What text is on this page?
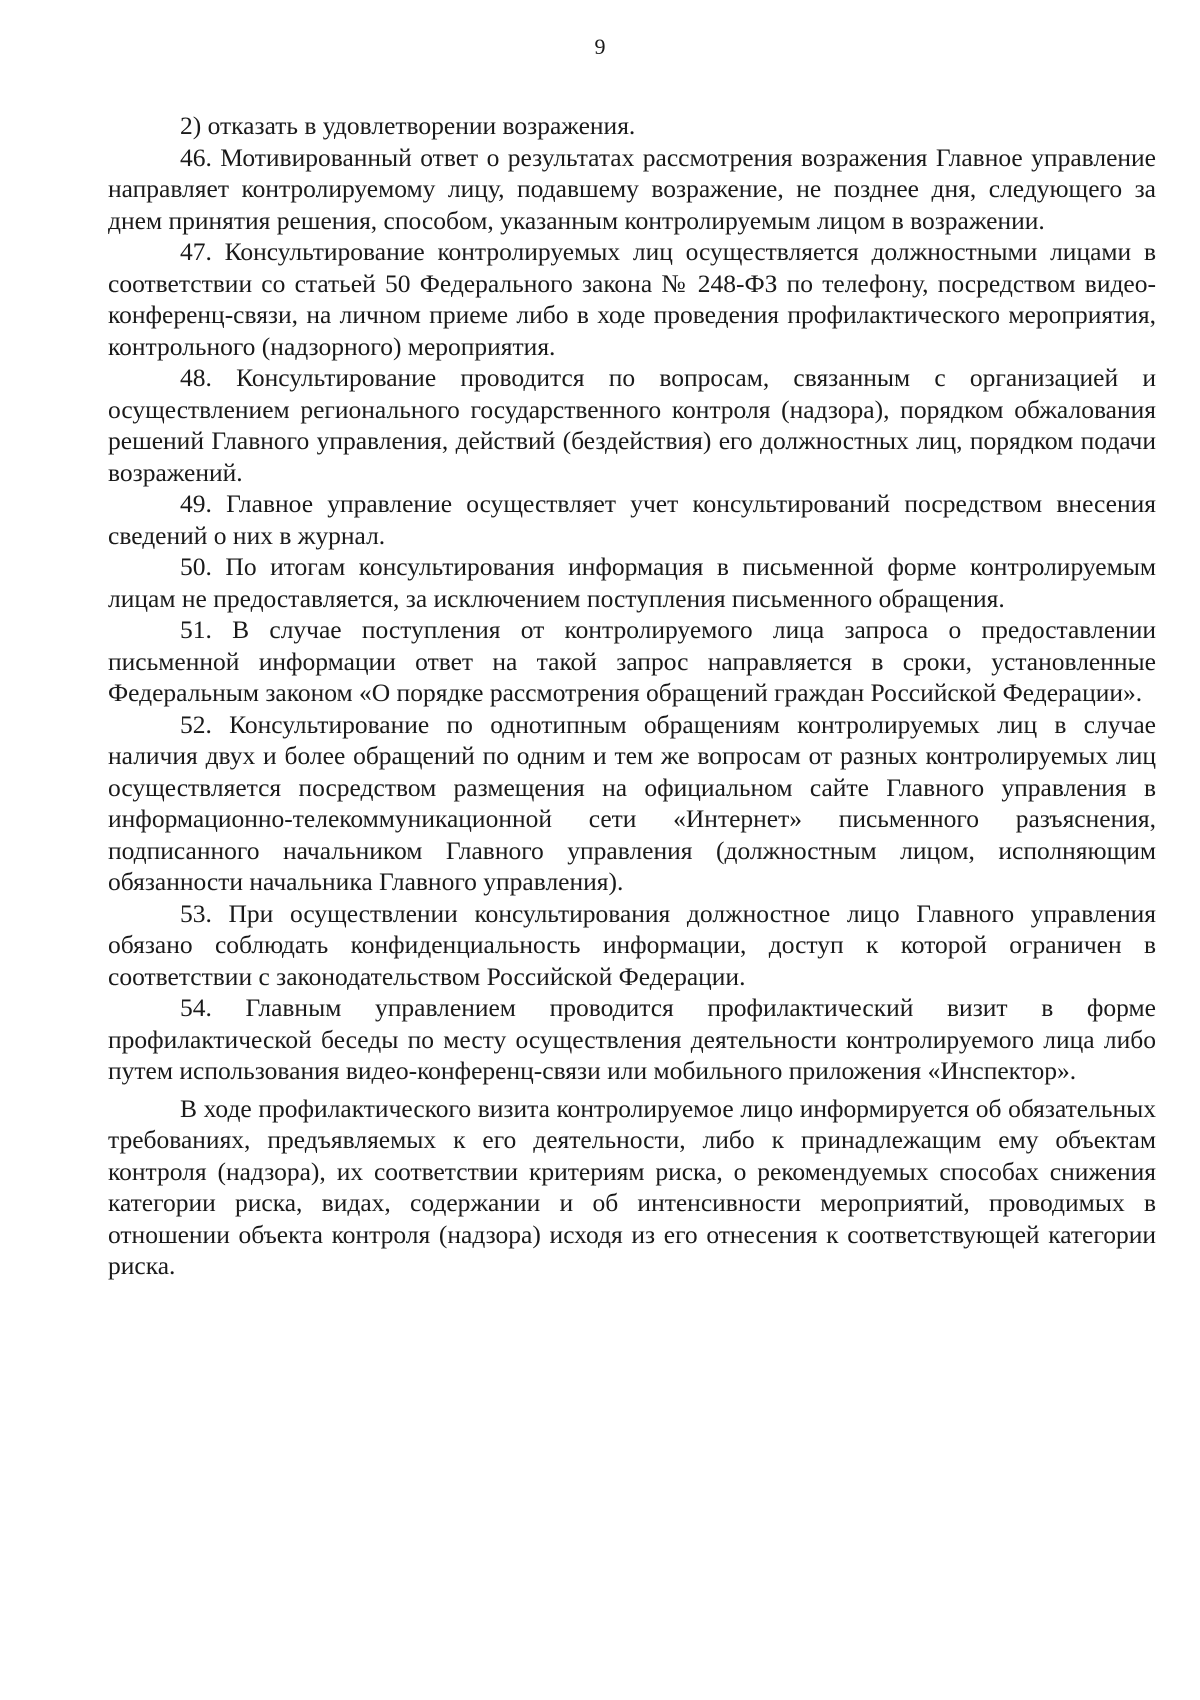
9

2) отказать в удовлетворении возражения.

46. Мотивированный ответ о результатах рассмотрения возражения Главное управление направляет контролируемому лицу, подавшему возражение, не позднее дня, следующего за днем принятия решения, способом, указанным контролируемым лицом в возражении.

47. Консультирование контролируемых лиц осуществляется должностными лицами в соответствии со статьей 50 Федерального закона № 248-ФЗ по телефону, посредством видео-конференц-связи, на личном приеме либо в ходе проведения профилактического мероприятия, контрольного (надзорного) мероприятия.

48. Консультирование проводится по вопросам, связанным с организацией и осуществлением регионального государственного контроля (надзора), порядком обжалования решений Главного управления, действий (бездействия) его должностных лиц, порядком подачи возражений.

49. Главное управление осуществляет учет консультирований посредством внесения сведений о них в журнал.

50. По итогам консультирования информация в письменной форме контролируемым лицам не предоставляется, за исключением поступления письменного обращения.

51. В случае поступления от контролируемого лица запроса о предоставлении письменной информации ответ на такой запрос направляется в сроки, установленные Федеральным законом «О порядке рассмотрения обращений граждан Российской Федерации».

52. Консультирование по однотипным обращениям контролируемых лиц в случае наличия двух и более обращений по одним и тем же вопросам от разных контролируемых лиц осуществляется посредством размещения на официальном сайте Главного управления в информационно-телекоммуникационной сети «Интернет» письменного разъяснения, подписанного начальником Главного управления (должностным лицом, исполняющим обязанности начальника Главного управления).

53. При осуществлении консультирования должностное лицо Главного управления обязано соблюдать конфиденциальность информации, доступ к которой ограничен в соответствии с законодательством Российской Федерации.

54. Главным управлением проводится профилактический визит в форме профилактической беседы по месту осуществления деятельности контролируемого лица либо путем использования видео-конференц-связи или мобильного приложения «Инспектор».

В ходе профилактического визита контролируемое лицо информируется об обязательных требованиях, предъявляемых к его деятельности, либо к принадлежащим ему объектам контроля (надзора), их соответствии критериям риска, о рекомендуемых способах снижения категории риска, видах, содержании и об интенсивности мероприятий, проводимых в отношении объекта контроля (надзора) исходя из его отнесения к соответствующей категории риска.
